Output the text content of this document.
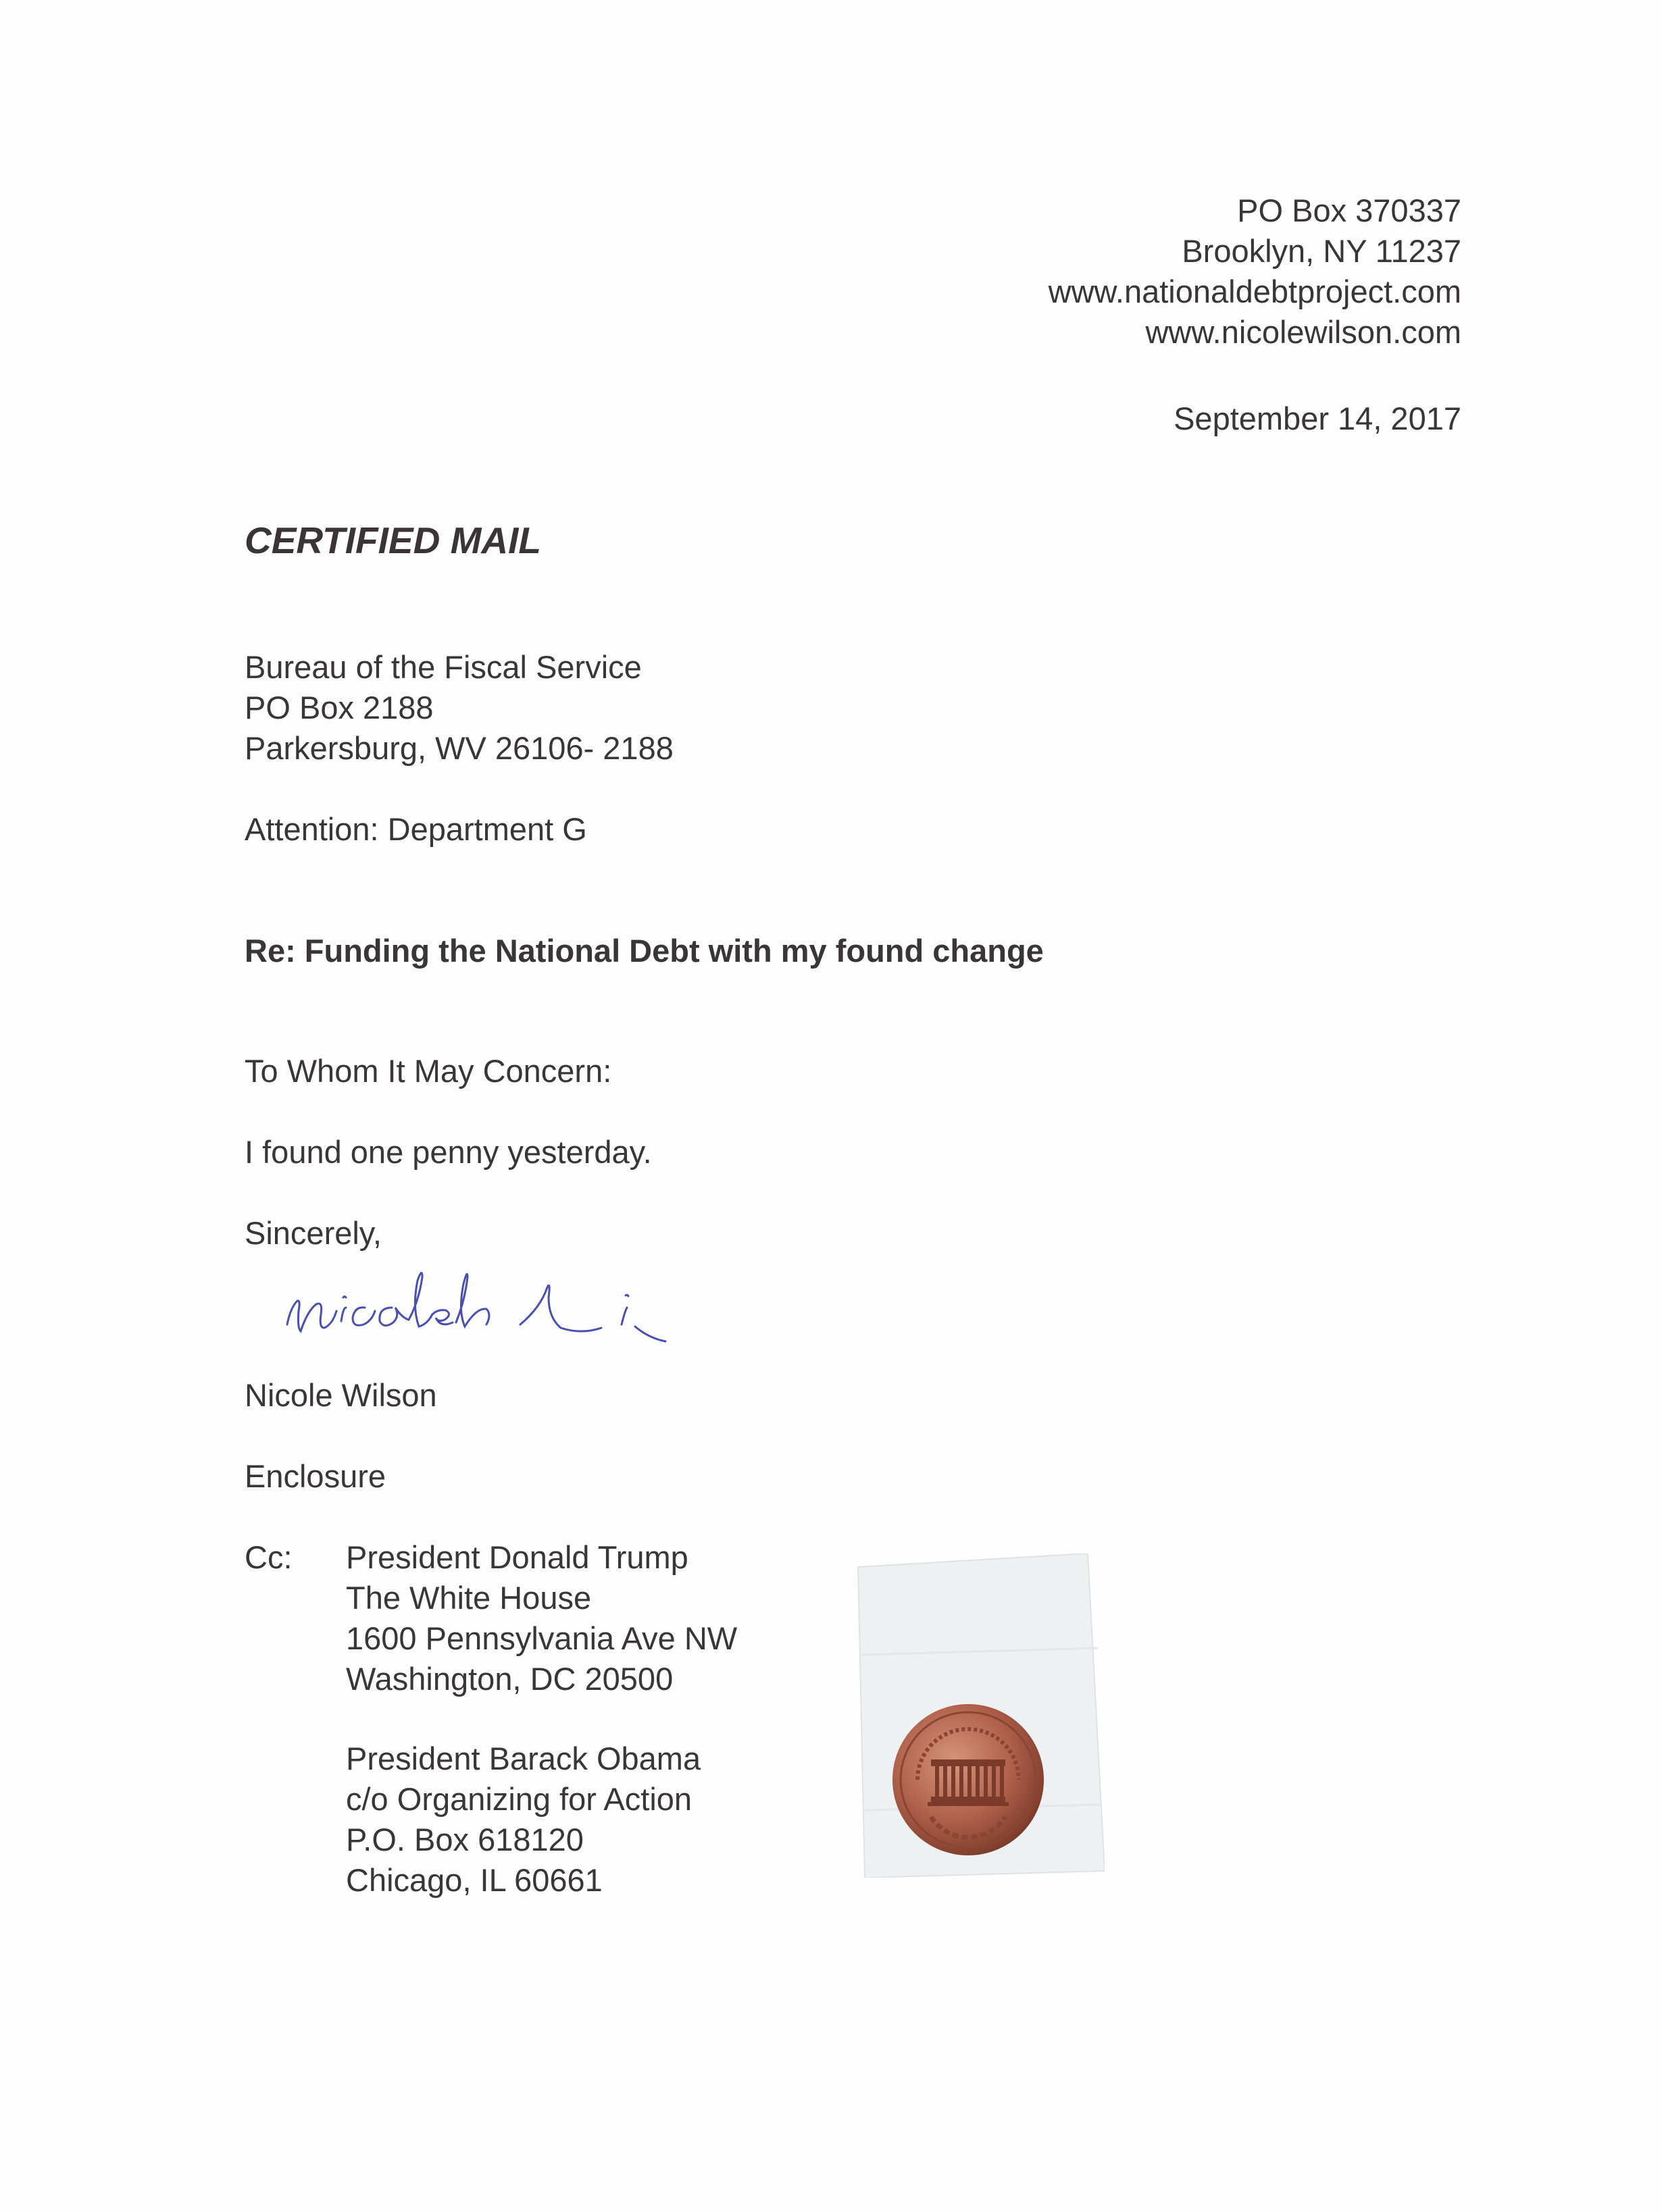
PO Box 370337
Brooklyn, NY 11237
www.nationaldebtproject.com
www.nicolewilson.com
September 14, 2017
CERTIFIED MAIL
Bureau of the Fiscal Service
PO Box 2188
Parkersburg, WV 26106- 2188
Attention: Department G
Re: Funding the National Debt with my found change
To Whom It May Concern:
I found one penny yesterday.
Sincerely,
Nicole Wilson
Enclosure
Cc: President Donald Trump
The White House
1600 Pennsylvania Ave NW
Washington, DC 20500
President Barack Obama
c/o Organizing for Action
P.O. Box 618120
Chicago, IL 60661
